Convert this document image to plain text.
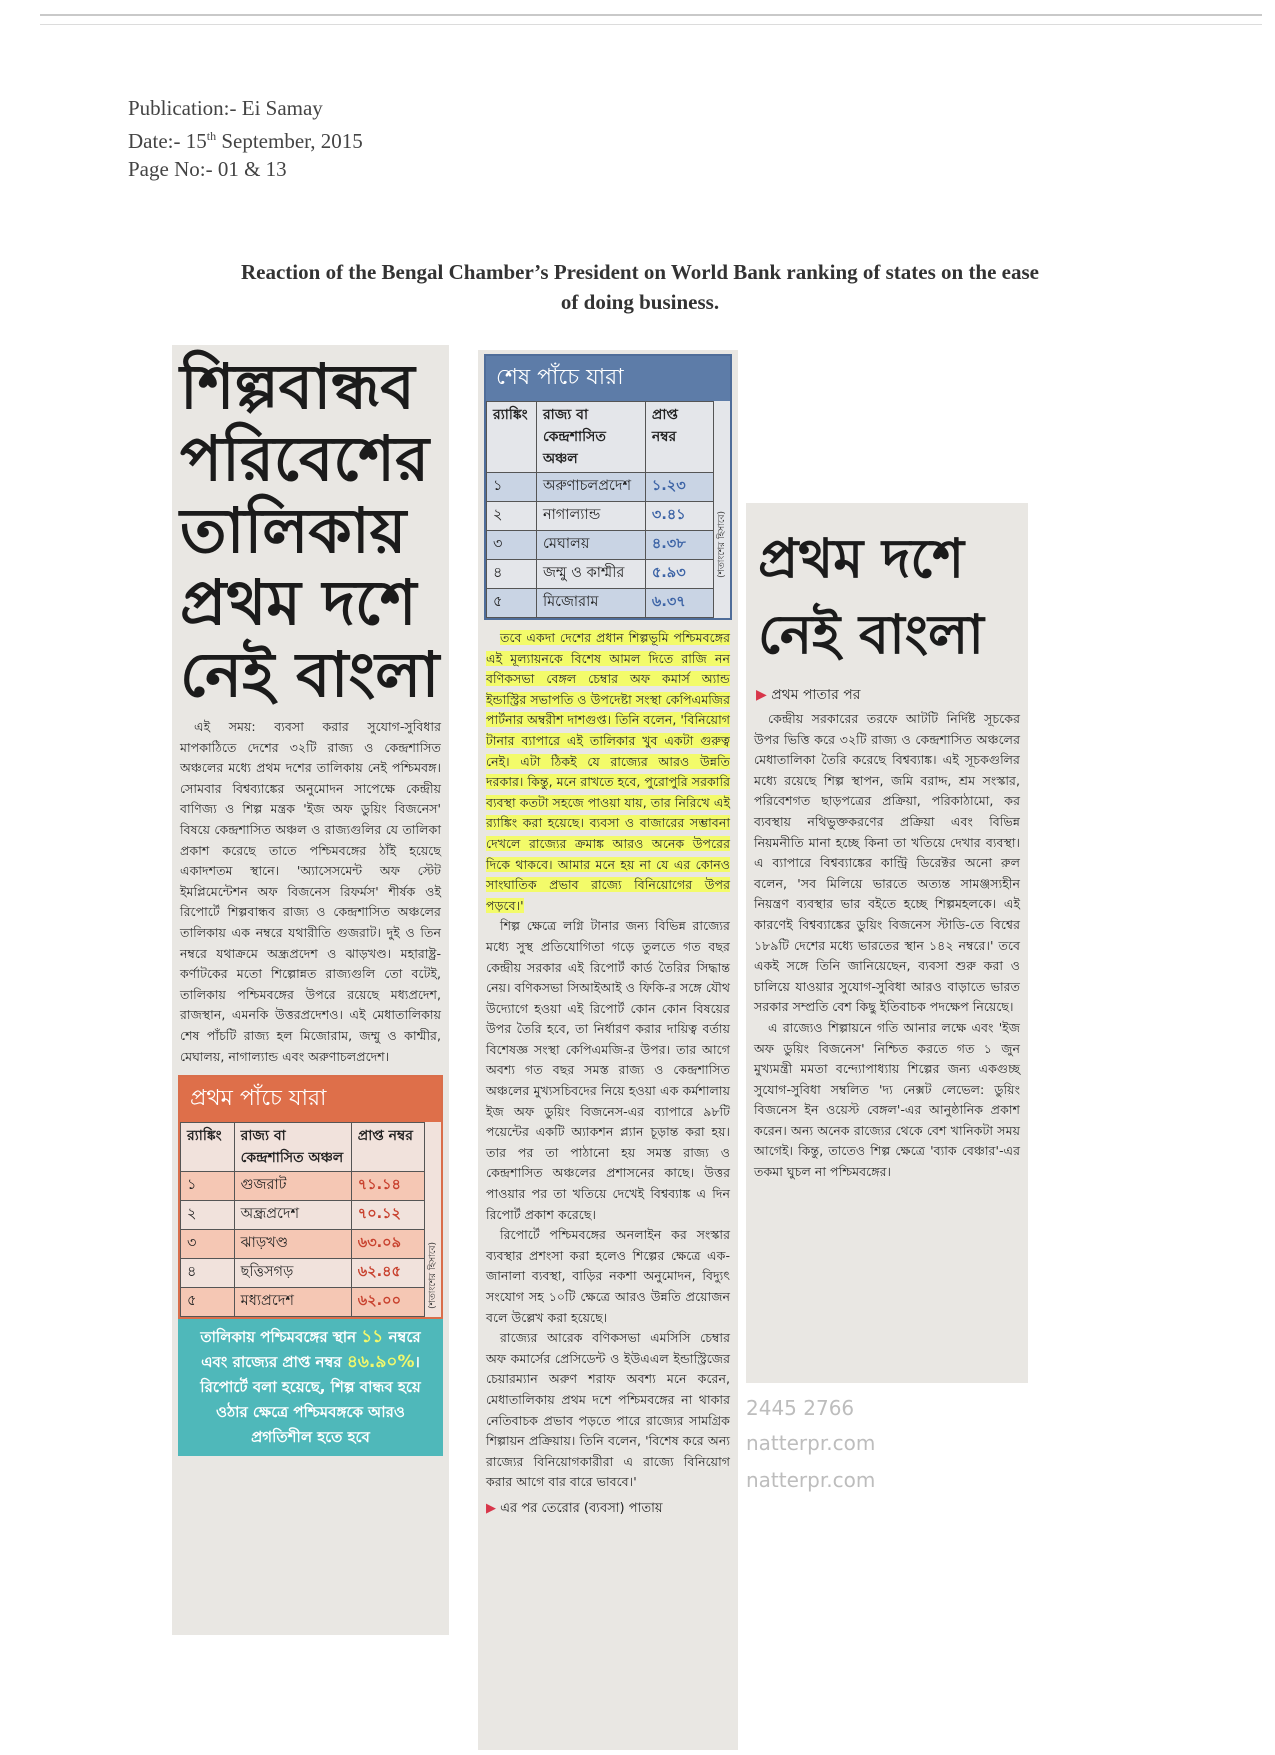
Publication:- Ei Samay
Date:- 15th September, 2015
Page No:- 01 & 13
Reaction of the Bengal Chamber’s President on World Bank ranking of states on the ease
of doing business.
2445 2766
natterpr.com
natterpr.com
শিল্পবান্ধব
পরিবেশের
তালিকায়
প্রথম দশে
নেই বাংলা

এই সময়: ব্যবসা করার সুযোগ-সুবিধার মাপকাঠিতে দেশের ৩২টি রাজ্য ও কেন্দ্রশাসিত অঞ্চলের মধ্যে প্রথম দশের তালিকায় নেই পশ্চিমবঙ্গ। সোমবার বিশ্বব্যাঙ্কের অনুমোদন সাপেক্ষে কেন্দ্রীয় বাণিজ্য ও শিল্প মন্ত্রক 'ইজ অফ ডুয়িং বিজনেস' বিষয়ে কেন্দ্রশাসিত অঞ্চল ও রাজ্যগুলির যে তালিকা প্রকাশ করেছে তাতে পশ্চিমবঙ্গের ঠাঁই হয়েছে একাদশতম স্থানে। 'অ্যাসেসমেন্ট অফ স্টেট ইমপ্লিমেন্টেশন অফ বিজনেস রিফর্মস' শীর্ষক ওই রিপোর্টে শিল্পবান্ধব রাজ্য ও কেন্দ্রশাসিত অঞ্চলের তালিকায় এক নম্বরে যথারীতি গুজরাট। দুই ও তিন নম্বরে যথাক্রমে অন্ধ্রপ্রদেশ ও ঝাড়খণ্ড। মহারাষ্ট্র-কর্ণাটকের মতো শিল্পোন্নত রাজ্যগুলি তো বটেই, তালিকায় পশ্চিমবঙ্গের উপরে রয়েছে মধ্যপ্রদেশ, রাজস্থান, এমনকি উত্তরপ্রদেশও। এই মেধাতালিকায় শেষ পাঁচটি রাজ্য হল মিজোরাম, জম্মু ও কাশ্মীর, মেঘালয়, নাগাল্যান্ড এবং অরুণাচলপ্রদেশ।

প্রথম পাঁচে যারা
র‍্যাঙ্কিং	রাজ্য বা কেন্দ্রশাসিত অঞ্চল	প্রাপ্ত নম্বর
১	গুজরাট	৭১.১৪
২	অন্ধ্রপ্রদেশ	৭০.১২
৩	ঝাড়খণ্ড	৬৩.০৯
৪	ছত্তিসগড়	৬২.৪৫
৫	মধ্যপ্রদেশ	৬২.০০	(শতাংশের হিসাবে)
তালিকায় পশ্চিমবঙ্গের স্থান ১১ নম্বরে এবং রাজ্যের প্রাপ্ত নম্বর ৪৬.৯০%। রিপোর্টে বলা হয়েছে, শিল্প বান্ধব হয়ে ওঠার ক্ষেত্রে পশ্চিমবঙ্গকে আরও প্রগতিশীল হতে হবে
শেষ পাঁচে যারা
র‍্যাঙ্কিং	রাজ্য বা কেন্দ্রশাসিত অঞ্চল	প্রাপ্ত নম্বর
১	অরুণাচলপ্রদেশ	১.২৩
২	নাগাল্যান্ড	৩.৪১
৩	মেঘালয়	৪.৩৮
৪	জম্মু ও কাশ্মীর	৫.৯৩
৫	মিজোরাম	৬.৩৭
(শতাংশের হিসাবে)

তবে একদা দেশের প্রধান শিল্পভূমি পশ্চিমবঙ্গের এই মূল্যায়নকে বিশেষ আমল দিতে রাজি নন বণিকসভা বেঙ্গল চেম্বার অফ কমার্স অ্যান্ড ইন্ডাস্ট্রির সভাপতি ও উপদেষ্টা সংস্থা কেপিএমজির পার্টনার অম্বরীশ দাশগুপ্ত। তিনি বলেন, 'বিনিয়োগ টানার ব্যাপারে এই তালিকার খুব একটা গুরুত্ব নেই। এটা ঠিকই যে রাজ্যের আরও উন্নতি দরকার। কিন্তু, মনে রাখতে হবে, পুরোপুরি সরকারি ব্যবস্থা কতটা সহজে পাওয়া যায়, তার নিরিখে এই র‍্যাঙ্কিং করা হয়েছে। ব্যবসা ও বাজারের সম্ভাবনা দেখলে রাজ্যের ক্রমাঙ্ক আরও অনেক উপরের দিকে থাকবে। আমার মনে হয় না যে এর কোনও সাংঘাতিক প্রভাব রাজ্যে বিনিয়োগের উপর পড়বে।'

শিল্প ক্ষেত্রে লগ্নি টানার জন্য বিভিন্ন রাজ্যের মধ্যে সুস্থ প্রতিযোগিতা গড়ে তুলতে গত বছর কেন্দ্রীয় সরকার এই রিপোর্ট কার্ড তৈরির সিদ্ধান্ত নেয়। বণিকসভা সিআইআই ও ফিকি-র সঙ্গে যৌথ উদ্যোগে হওয়া এই রিপোর্ট কোন কোন বিষয়ের উপর তৈরি হবে, তা নির্ধারণ করার দায়িত্ব বর্তায় বিশেষজ্ঞ সংস্থা কেপিএমজি-র উপর। তার আগে অবশ্য গত বছর সমস্ত রাজ্য ও কেন্দ্রশাসিত অঞ্চলের মুখ্যসচিবদের নিয়ে হওয়া এক কর্মশালায় ইজ অফ ডুয়িং বিজনেস-এর ব্যাপারে ৯৮টি পয়েন্টের একটি অ্যাকশন প্ল্যান চূড়ান্ত করা হয়। তার পর তা পাঠানো হয় সমস্ত রাজ্য ও কেন্দ্রশাসিত অঞ্চলের প্রশাসনের কাছে। উত্তর পাওয়ার পর তা খতিয়ে দেখেই বিশ্বব্যাঙ্ক এ দিন রিপোর্ট প্রকাশ করেছে।

রিপোর্টে পশ্চিমবঙ্গের অনলাইন কর সংস্কার ব্যবস্থার প্রশংসা করা হলেও শিল্পের ক্ষেত্রে এক-জানালা ব্যবস্থা, বাড়ির নকশা অনুমোদন, বিদ্যুৎ সংযোগ সহ ১০টি ক্ষেত্রে আরও উন্নতি প্রয়োজন বলে উল্লেখ করা হয়েছে।

রাজ্যের আরেক বণিকসভা এমসিসি চেম্বার অফ কমার্সের প্রেসিডেন্ট ও ইউএএল ইন্ডাস্ট্রিজের চেয়ারম্যান অরুণ শরাফ অবশ্য মনে করেন, মেধাতালিকায় প্রথম দশে পশ্চিমবঙ্গের না থাকার নেতিবাচক প্রভাব পড়তে পারে রাজ্যের সামগ্রিক শিল্পায়ন প্রক্রিয়ায়। তিনি বলেন, 'বিশেষ করে অন্য রাজ্যের বিনিয়োগকারীরা এ রাজ্যে বিনিয়োগ করার আগে বার বারে ভাববে।'

▶ এর পর তেরোর (ব্যবসা) পাতায়
প্রথম দশে
নেই বাংলা
▶ প্রথম পাতার পর

কেন্দ্রীয় সরকারের তরফে আটটি নির্দিষ্ট সূচকের উপর ভিত্তি করে ৩২টি রাজ্য ও কেন্দ্রশাসিত অঞ্চলের মেধাতালিকা তৈরি করেছে বিশ্বব্যাঙ্ক। এই সূচকগুলির মধ্যে রয়েছে শিল্প স্থাপন, জমি বরাদ্দ, শ্রম সংস্কার, পরিবেশগত ছাড়পত্রের প্রক্রিয়া, পরিকাঠামো, কর ব্যবস্থায় নথিভুক্তকরণের প্রক্রিয়া এবং বিভিন্ন নিয়মনীতি মানা হচ্ছে কিনা তা খতিয়ে দেখার ব্যবস্থা। এ ব্যাপারে বিশ্বব্যাঙ্কের কান্ট্রি ডিরেক্টর অনো রুল বলেন, 'সব মিলিয়ে ভারতে অত্যন্ত সামঞ্জস্যহীন নিয়ন্ত্রণ ব্যবস্থার ভার বইতে হচ্ছে শিল্পমহলকে। এই কারণেই বিশ্বব্যাঙ্কের ডুয়িং বিজনেস স্টাডি-তে বিশ্বের ১৮৯টি দেশের মধ্যে ভারতের স্থান ১৪২ নম্বরে।' তবে একই সঙ্গে তিনি জানিয়েছেন, ব্যবসা শুরু করা ও চালিয়ে যাওয়ার সুযোগ-সুবিধা আরও বাড়াতে ভারত সরকার সম্প্রতি বেশ কিছু ইতিবাচক পদক্ষেপ নিয়েছে।

এ রাজ্যেও শিল্পায়নে গতি আনার লক্ষে এবং 'ইজ অফ ডুয়িং বিজনেস' নিশ্চিত করতে গত ১ জুন মুখ্যমন্ত্রী মমতা বন্দ্যোপাধ্যায় শিল্পের জন্য একগুচ্ছ সুযোগ-সুবিধা সম্বলিত 'দ্য নেক্সট লেভেল: ডুয়িং বিজনেস ইন ওয়েস্ট বেঙ্গল'-এর আনুষ্ঠানিক প্রকাশ করেন। অন্য অনেক রাজ্যের থেকে বেশ খানিকটা সময় আগেই। কিন্তু, তাতেও শিল্প ক্ষেত্রে 'ব্যাক বেঞ্চার'-এর তকমা ঘুচল না পশ্চিমবঙ্গের।
